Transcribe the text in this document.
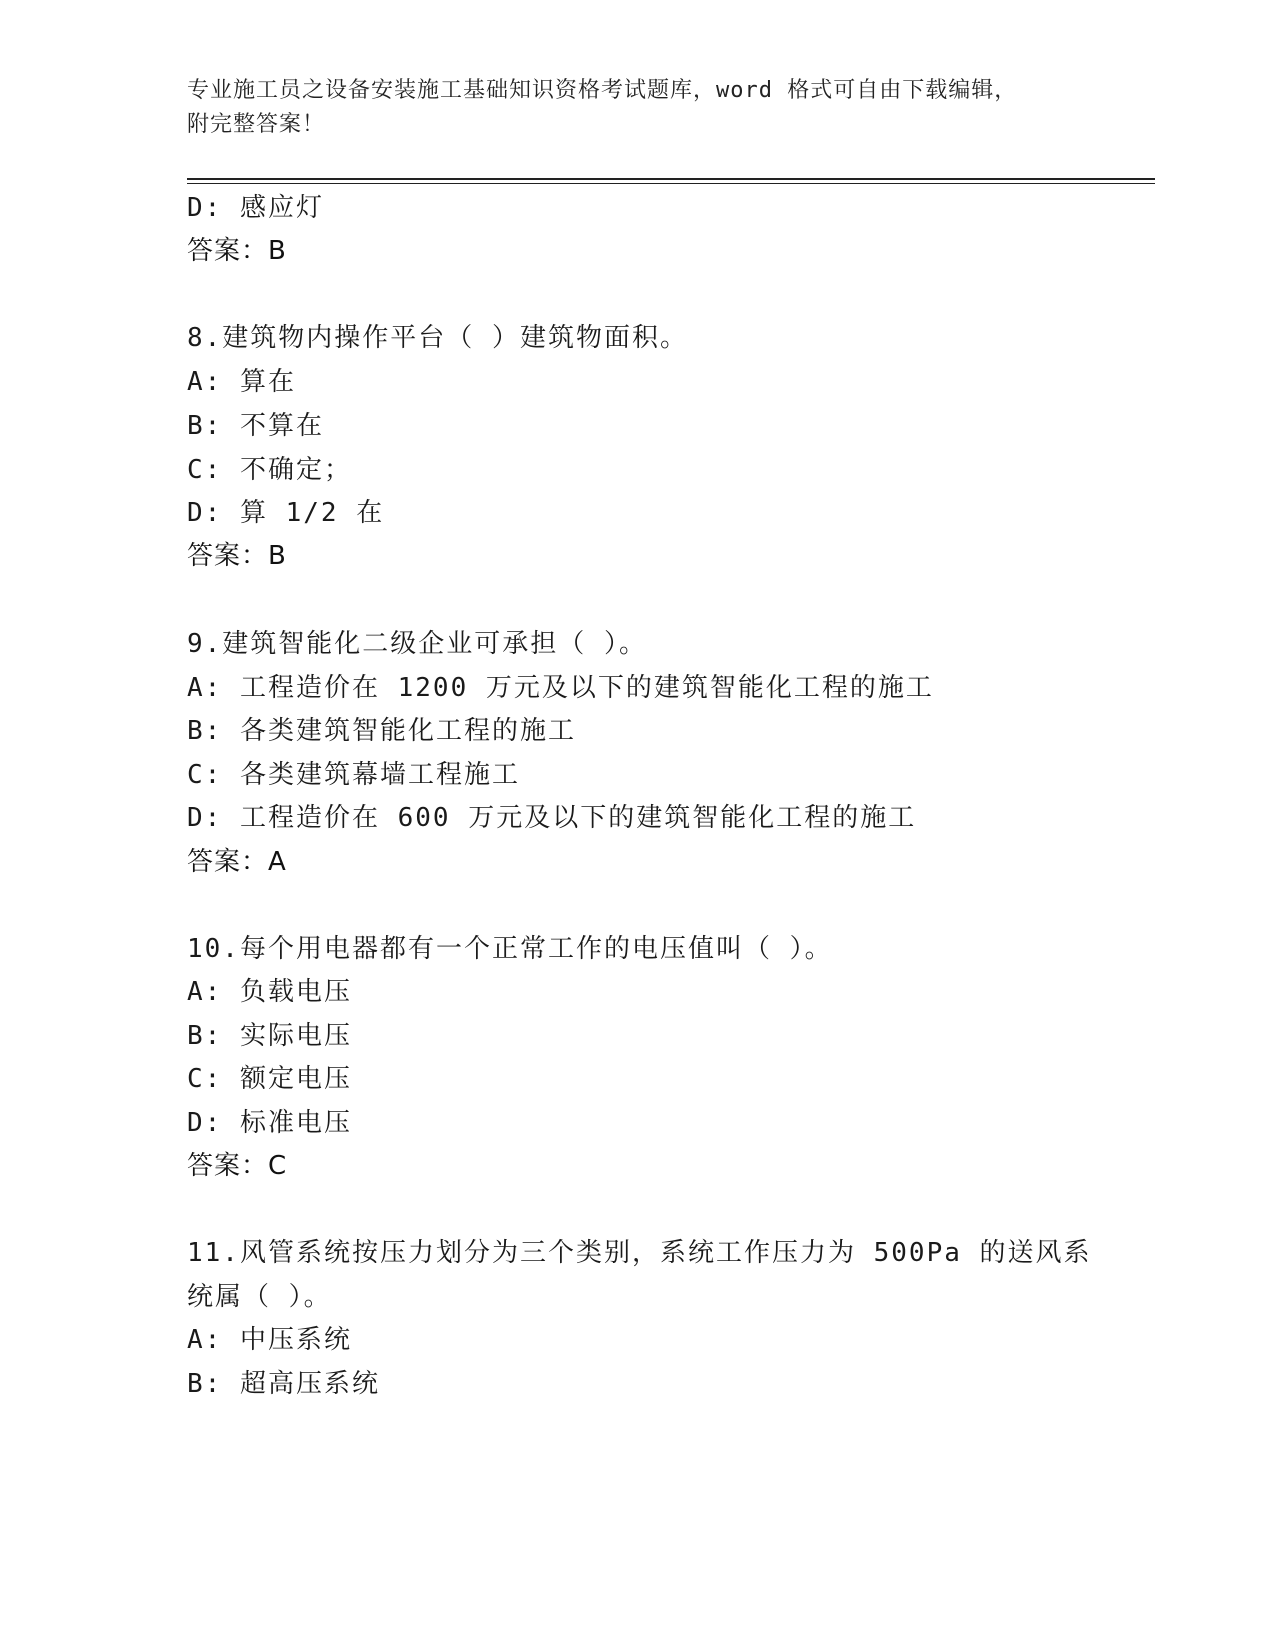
专业施工员之设备安装施工基础知识资格考试题库，word 格式可自由下载编辑，
附完整答案！
D: 感应灯
答案：B
8.建筑物内操作平台（ ）建筑物面积。
A: 算在
B: 不算在
C: 不确定；
D: 算 1/2 在
答案：B
9.建筑智能化二级企业可承担（ ）。
A: 工程造价在 1200 万元及以下的建筑智能化工程的施工
B: 各类建筑智能化工程的施工
C: 各类建筑幕墙工程施工
D: 工程造价在 600 万元及以下的建筑智能化工程的施工
答案：A
10.每个用电器都有一个正常工作的电压值叫（ ）。
A: 负载电压
B: 实际电压
C: 额定电压
D: 标准电压
答案：C
11.风管系统按压力划分为三个类别，系统工作压力为 500Pa 的送风系
统属（ ）。
A: 中压系统
B: 超高压系统
